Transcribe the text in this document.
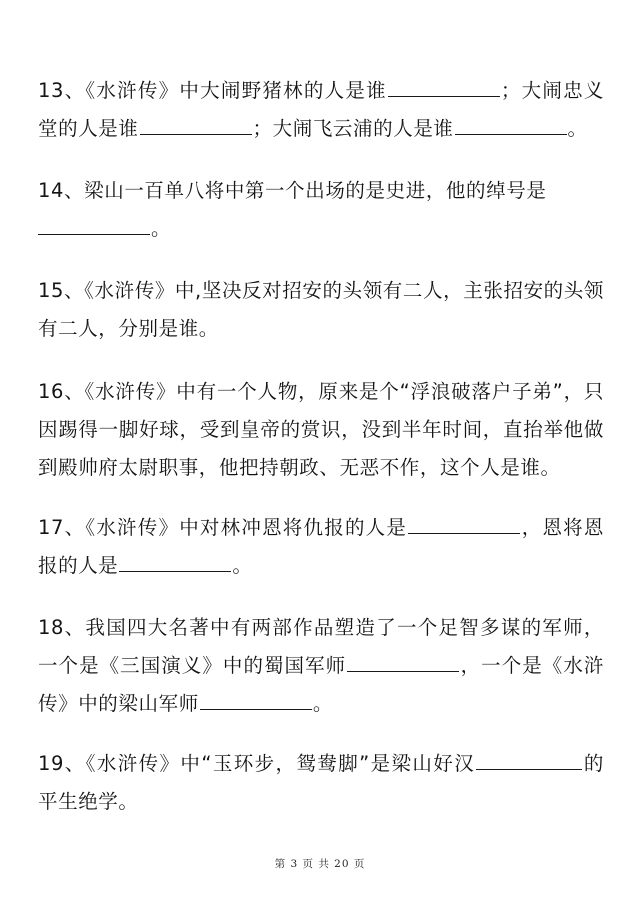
13、《水浒传》中大闹野猪林的人是谁	；大闹忠义堂的人是谁	；大闹飞云浦的人是谁	。

14、梁山一百单八将中第一个出场的是史进，他的绰号是
。

15、《水浒传》中,坚决反对招安的头领有二人，主张招安的头领有二人，分别是谁。

16、《水浒传》中有一个人物，原来是个“浮浪破落户子弟”，只因踢得一脚好球，受到皇帝的赏识，没到半年时间，直抬举他做到殿帅府太尉职事，他把持朝政、无恶不作，这个人是谁。

17、《水浒传》中对林冲恩将仇报的人是	，恩将恩报的人是	。

18、我国四大名著中有两部作品塑造了一个足智多谋的军师，一个是《三国演义》中的蜀国军师	，一个是《水浒传》中的梁山军师	。

19、《水浒传》中“玉环步，鸳鸯脚”是梁山好汉	的平生绝学。

第 3 页 共 20 页
